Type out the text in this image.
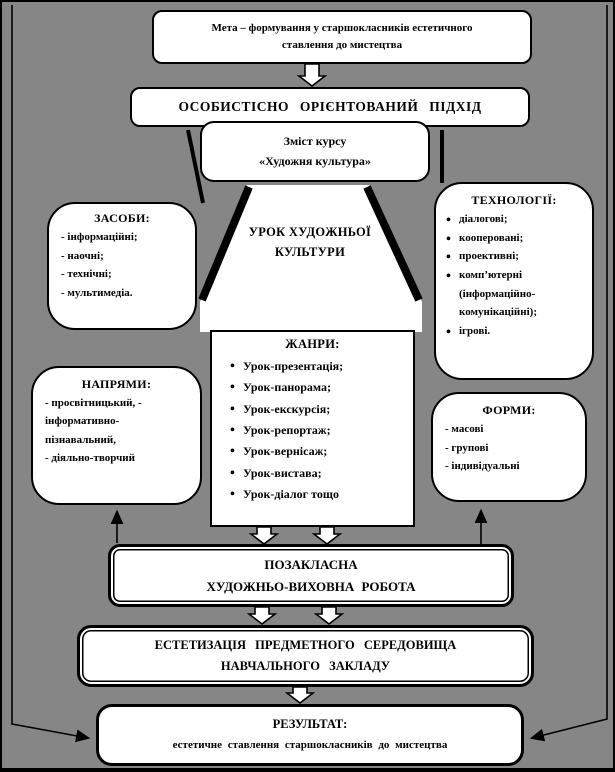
Мета – формування у старшокласників естетичного
ставлення до мистецтва
ОСОБИСТІСНО ОРІЄНТОВАНИЙ ПІДХІД
Зміст курсу
«Художня культура»
УРОК ХУДОЖНЬОЇ
КУЛЬТУРИ
ЗАСОБИ:
- інформаційні;
- наочні;
- технічні;
- мультимедіа.
ТЕХНОЛОГІЇ:
• діалогові;
• кооперовані;
• проективні;
• комп’ютерні (інформаційно-комунікаційні);
• ігрові.
ЖАНРИ:
• Урок-презентація;
• Урок-панорама;
• Урок-екскурсія;
• Урок-репортаж;
• Урок-вернісаж;
• Урок-вистава;
• Урок-діалог тощо
НАПРЯМИ:
- просвітницький, -
інформативно-
пізнавальний,
- діяльно-творчий
ФОРМИ:
- масові
- групові
- індивідуальні
ПОЗАКЛАСНА
ХУДОЖНЬО-ВИХОВНА РОБОТА
ЕСТЕТИЗАЦІЯ ПРЕДМЕТНОГО СЕРЕДОВИЩА
НАВЧАЛЬНОГО ЗАКЛАДУ
РЕЗУЛЬТАТ:
естетичне ставлення старшокласників до мистецтва
